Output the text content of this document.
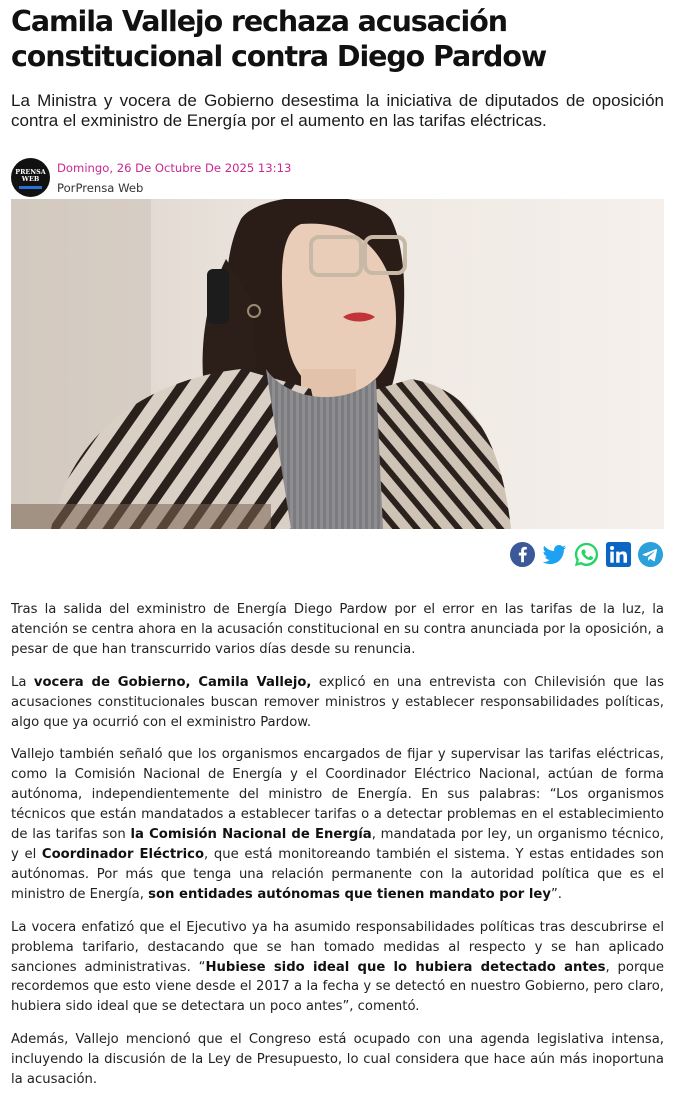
Camila Vallejo rechaza acusación constitucional contra Diego Pardow

La Ministra y vocera de Gobierno desestima la iniciativa de diputados de oposición contra el exministro de Energía por el aumento en las tarifas eléctricas.

PRENSA
WEB
Domingo, 26 De Octubre De 2025 13:13
PorPrensa Web

Tras la salida del exministro de Energía Diego Pardow por el error en las tarifas de la luz, la atención se centra ahora en la acusación constitucional en su contra anunciada por la oposición, a pesar de que han transcurrido varios días desde su renuncia.

La vocera de Gobierno, Camila Vallejo, explicó en una entrevista con Chilevisión que las acusaciones constitucionales buscan remover ministros y establecer responsabilidades políticas, algo que ya ocurrió con el exministro Pardow.

Vallejo también señaló que los organismos encargados de fijar y supervisar las tarifas eléctricas, como la Comisión Nacional de Energía y el Coordinador Eléctrico Nacional, actúan de forma autónoma, independientemente del ministro de Energía. En sus palabras: “Los organismos técnicos que están mandatados a establecer tarifas o a detectar problemas en el establecimiento de las tarifas son la Comisión Nacional de Energía, mandatada por ley, un organismo técnico, y el Coordinador Eléctrico, que está monitoreando también el sistema. Y estas entidades son autónomas. Por más que tenga una relación permanente con la autoridad política que es el ministro de Energía, son entidades autónomas que tienen mandato por ley”.

La vocera enfatizó que el Ejecutivo ya ha asumido responsabilidades políticas tras descubrirse el problema tarifario, destacando que se han tomado medidas al respecto y se han aplicado sanciones administrativas. “Hubiese sido ideal que lo hubiera detectado antes, porque recordemos que esto viene desde el 2017 a la fecha y se detectó en nuestro Gobierno, pero claro, hubiera sido ideal que se detectara un poco antes”, comentó.

Además, Vallejo mencionó que el Congreso está ocupado con una agenda legislativa intensa, incluyendo la discusión de la Ley de Presupuesto, lo cual considera que hace aún más inoportuna la acusación.
